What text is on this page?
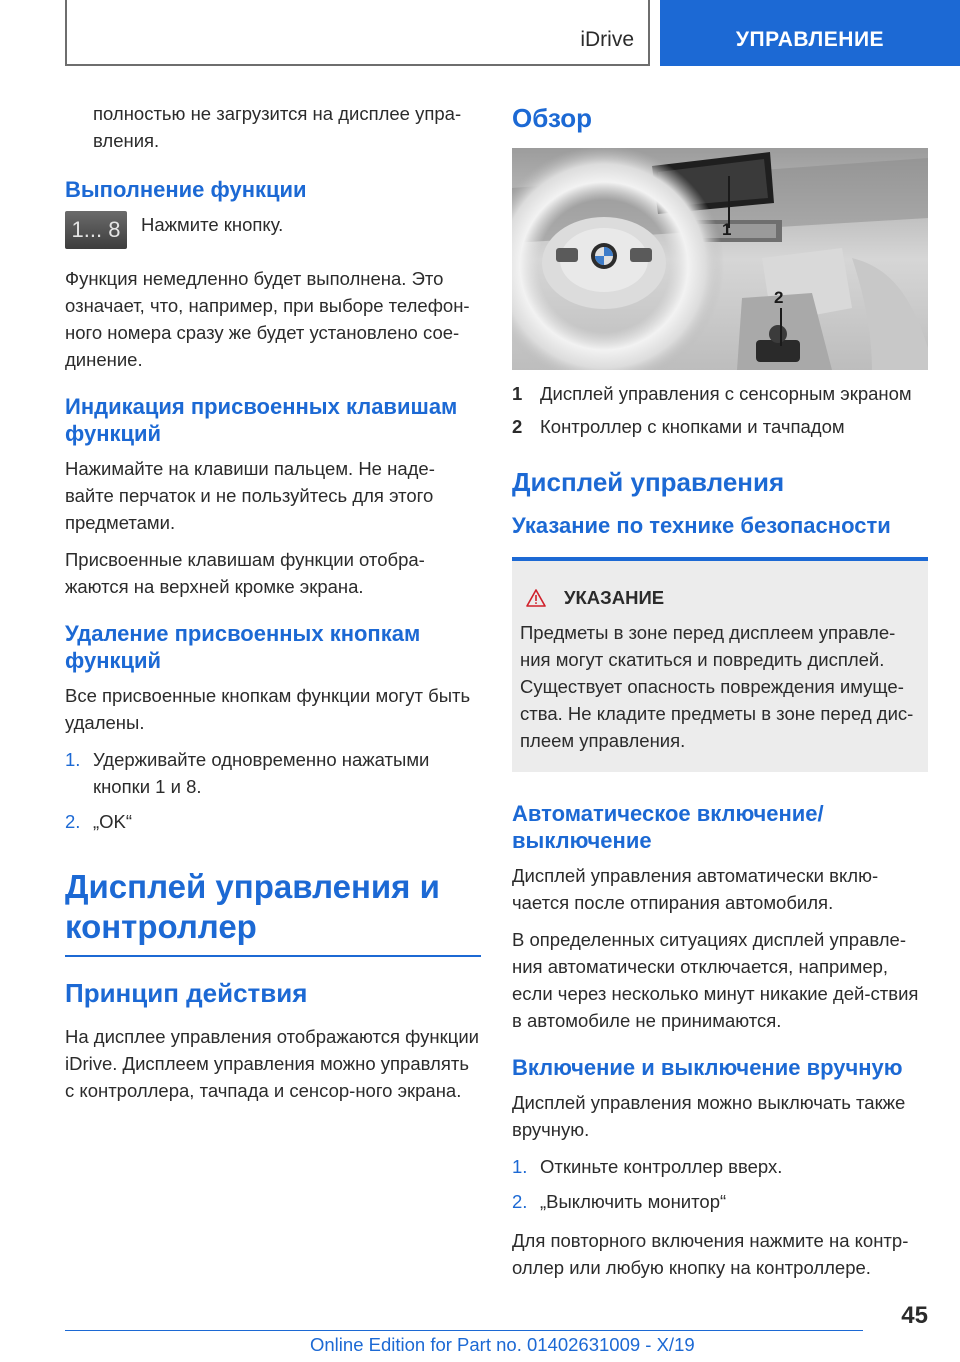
iDrive	УПРАВЛЕНИЕ

полностью не загрузится на дисплее упра-вления.

Выполнение функции
1... 8 Нажмите кнопку.

Функция немедленно будет выполнена. Это означает, что, например, при выборе телефон-ного номера сразу же будет установлено сое-динение.

Индикация присвоенных клавишам функций

Нажимайте на клавиши пальцем. Не наде-вайте перчаток и не пользуйтесь для этого предметами.

Присвоенные клавишам функции отобра-жаются на верхней кромке экрана.

Удаление присвоенных кнопкам функций

Все присвоенные кнопкам функции могут быть удалены.

1. Удерживайте одновременно нажатыми кнопки 1 и 8.
2. „OK“
Дисплей управления и контроллер
Принцип действия

На дисплее управления отображаются функции iDrive. Дисплеем управления можно управлять с контроллера, тачпада и сенсор-ного экрана.

Обзор
1
2
1 Дисплей управления с сенсорным экраном
2 Контроллер с кнопками и тачпадом
Дисплей управления
Указание по технике безопасности
УКАЗАНИЕ

Предметы в зоне перед дисплеем управле-ния могут скатиться и повредить дисплей. Существует опасность повреждения имуще-ства. Не кладите предметы в зоне перед дис-плеем управления.

Автоматическое включение/выключение

Дисплей управления автоматически вклю-чается после отпирания автомобиля.

В определенных ситуациях дисплей управле-ния автоматически отключается, например, если через несколько минут никакие дей-ствия в автомобиле не принимаются.

Включение и выключение вручную

Дисплей управления можно выключать также вручную.

1. Откиньте контроллер вверх.
2. „Выключить монитор“

Для повторного включения нажмите на контр-оллер или любую кнопку на контроллере.

45
Online Edition for Part no. 01402631009 - X/19
